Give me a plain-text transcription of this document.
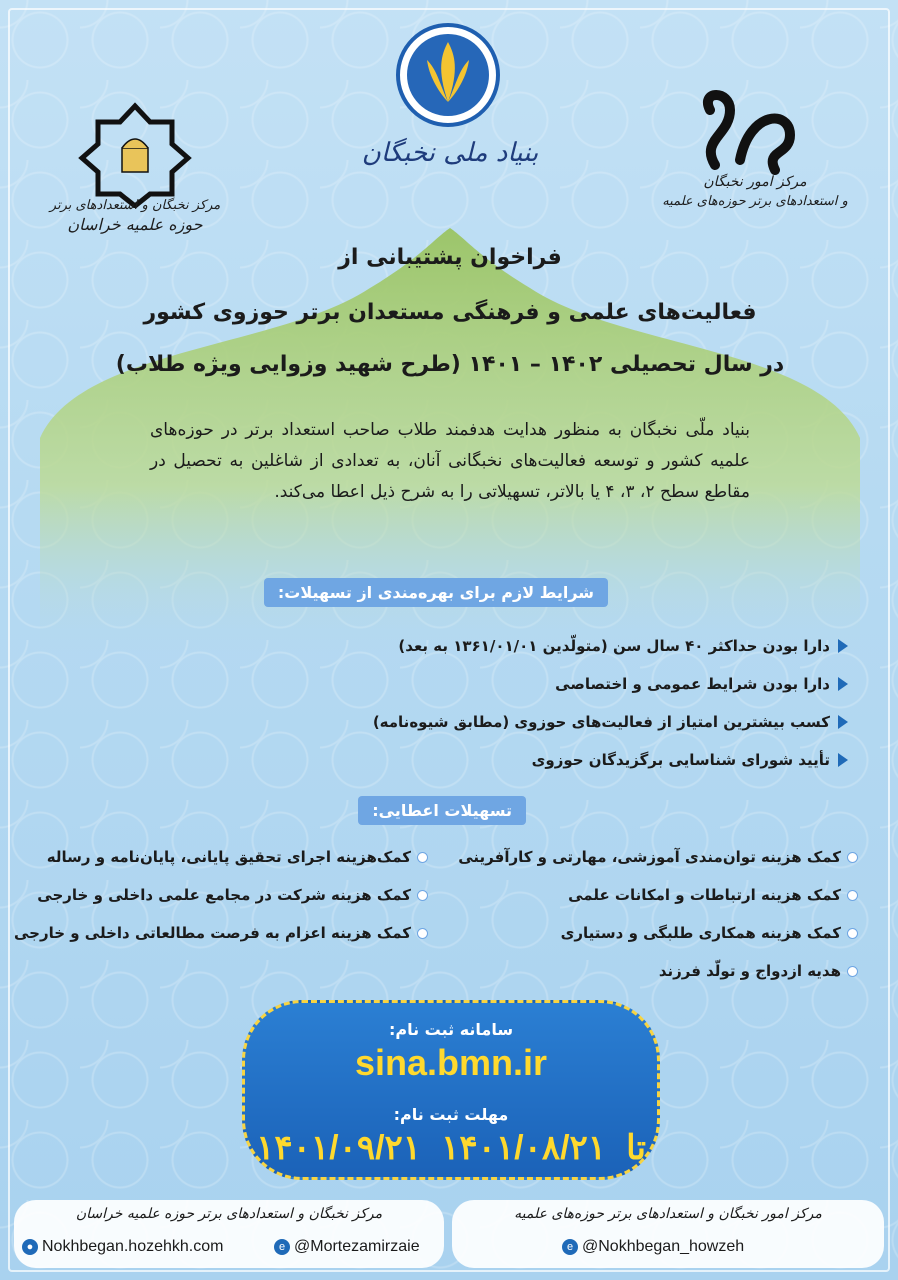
بنیاد ملی نخبگان
مرکز نخبگان و استعدادهای برتر
حوزه علمیه خراسان
مرکز امور نخبگان
و استعدادهای برتر حوزه‌های علمیه
فراخوان پشتیبانی از
فعالیت‌های علمی و فرهنگی مستعدان برتر حوزوی کشور
در سال تحصیلی ۱۴۰۲ – ۱۴۰۱ (طرح شهید وزوایی ویژه طلاب)
بنیاد ملّی نخبگان به منظور هدایت هدفمند طلاب صاحب استعداد برتر در حوزه‌های علمیه کشور و توسعه فعالیت‌های نخبگانی آنان، به تعدادی از شاغلین به تحصیل در مقاطع سطح ۲، ۳، ۴ یا بالاتر، تسهیلاتی را به شرح ذیل اعطا می‌کند.
شرایط لازم برای بهره‌مندی از تسهیلات:
دارا بودن حداکثر ۴۰ سال سن (متولّدین ۱۳۶۱/۰۱/۰۱ به بعد)
دارا بودن شرایط عمومی و اختصاصی
کسب بیشترین امتیاز از فعالیت‌های حوزوی (مطابق شیوه‌نامه)
تأیید شورای شناسایی برگزیدگان حوزوی
تسهیلات اعطایی:
کمک هزینه توان‌مندی آموزشی، مهارتی و کارآفرینی
کمک هزینه ارتباطات و امکانات علمی
کمک هزینه همکاری طلبگی و دستیاری
هدیه ازدواج و تولّد فرزند
کمک‌هزینه اجرای تحقیق پایانی، پایان‌نامه و رساله
کمک هزینه شرکت در مجامع علمی داخلی و خارجی
کمک هزینه اعزام به فرصت مطالعاتی داخلی و خارجی
سامانه ثبت نام:
sina.bmn.ir
مهلت ثبت نام:
۱۴۰۱/۰۹/۲۱	تا۱۴۰۱/۰۸/۲۱
مرکز نخبگان و استعدادهای برتر حوزه علمیه خراسان
● Nokhbegan.hozehkh.com	e @Mortezamirzaie
مرکز امور نخبگان و استعدادهای برتر حوزه‌های علمیه
e @Nokhbegan_howzeh
